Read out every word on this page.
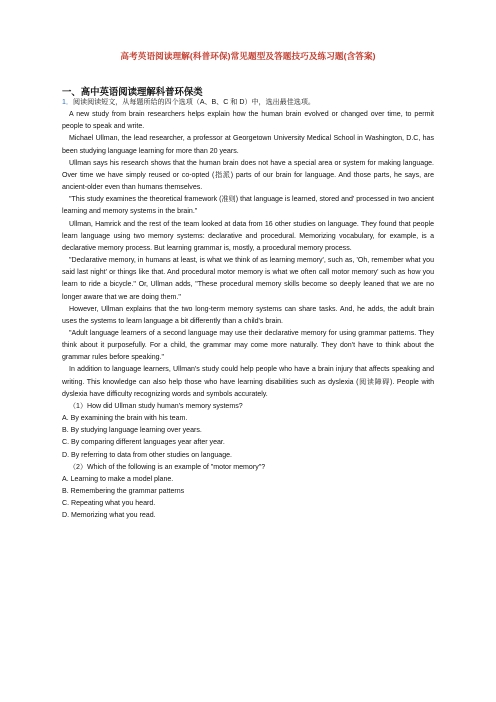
高考英语阅读理解(科普环保)常见题型及答题技巧及练习题(含答案)
一、高中英语阅读理解科普环保类

1．阅读阅读短文，从每题所给的四个选项（A、B、C 和 D）中，选出最佳选项。

A new study from brain researchers helps explain how the human brain evolved or changed over time, to permit people to speak and write.

Michael Ullman, the lead researcher, a professor at Georgetown University Medical School in Washington, D.C, has been studying language learning for more than 20 years.

Ullman says his research shows that the human brain does not have a special area or system for making language. Over time we have simply reused or co-opted (指派) parts of our brain for language. And those parts, he says, are ancient-older even than humans themselves.

"This study examines the theoretical framework (准则) that language is learned, stored and' processed in two ancient learning and memory systems in the brain."

Ullman, Hamrick and the rest of the team looked at data from 16 other studies on language. They found that people learn language using two memory systems: declarative and procedural. Memorizing vocabulary, for example, is a declarative memory process. But learning grammar is, mostly, a procedural memory process.

"Declarative memory, in humans at least, is what we think of as learning memory', such as, 'Oh, remember what you said last night' or things like that. And procedural motor memory is what we often call motor memory' such as how you learn to ride a bicycle." Or, Ullman adds, "These procedural memory skills become so deeply leaned that we are no longer aware that we are doing them."

However, Ullman explains that the two long-term memory systems can share tasks. And, he adds, the adult brain uses the systems to learn language a bit differently than a child's brain.

"Adult language learners of a second language may use their declarative memory for using grammar patterns. They think about it purposefully. For a child, the grammar may come more naturally. They don't have to think about the grammar rules before speaking."

In addition to language learners, Ullman's study could help people who have a brain injury that affects speaking and writing. This knowledge can also help those who have learning disabilities such as dyslexia (阅读障碍). People with dyslexia have difficulty recognizing words and symbols accurately.

（1）How did Ullman study human's memory systems?

A. By examining the brain with his team.

B. By studying language learning over years.

C. By comparing different languages year after year.

D. By referring to data from other studies on language.

（2）Which of the following is an example of "motor memory"?

A. Learning to make a model plane.

B. Remembering the grammar patterns

C. Repeating what you heard.

D. Memorizing what you read.
